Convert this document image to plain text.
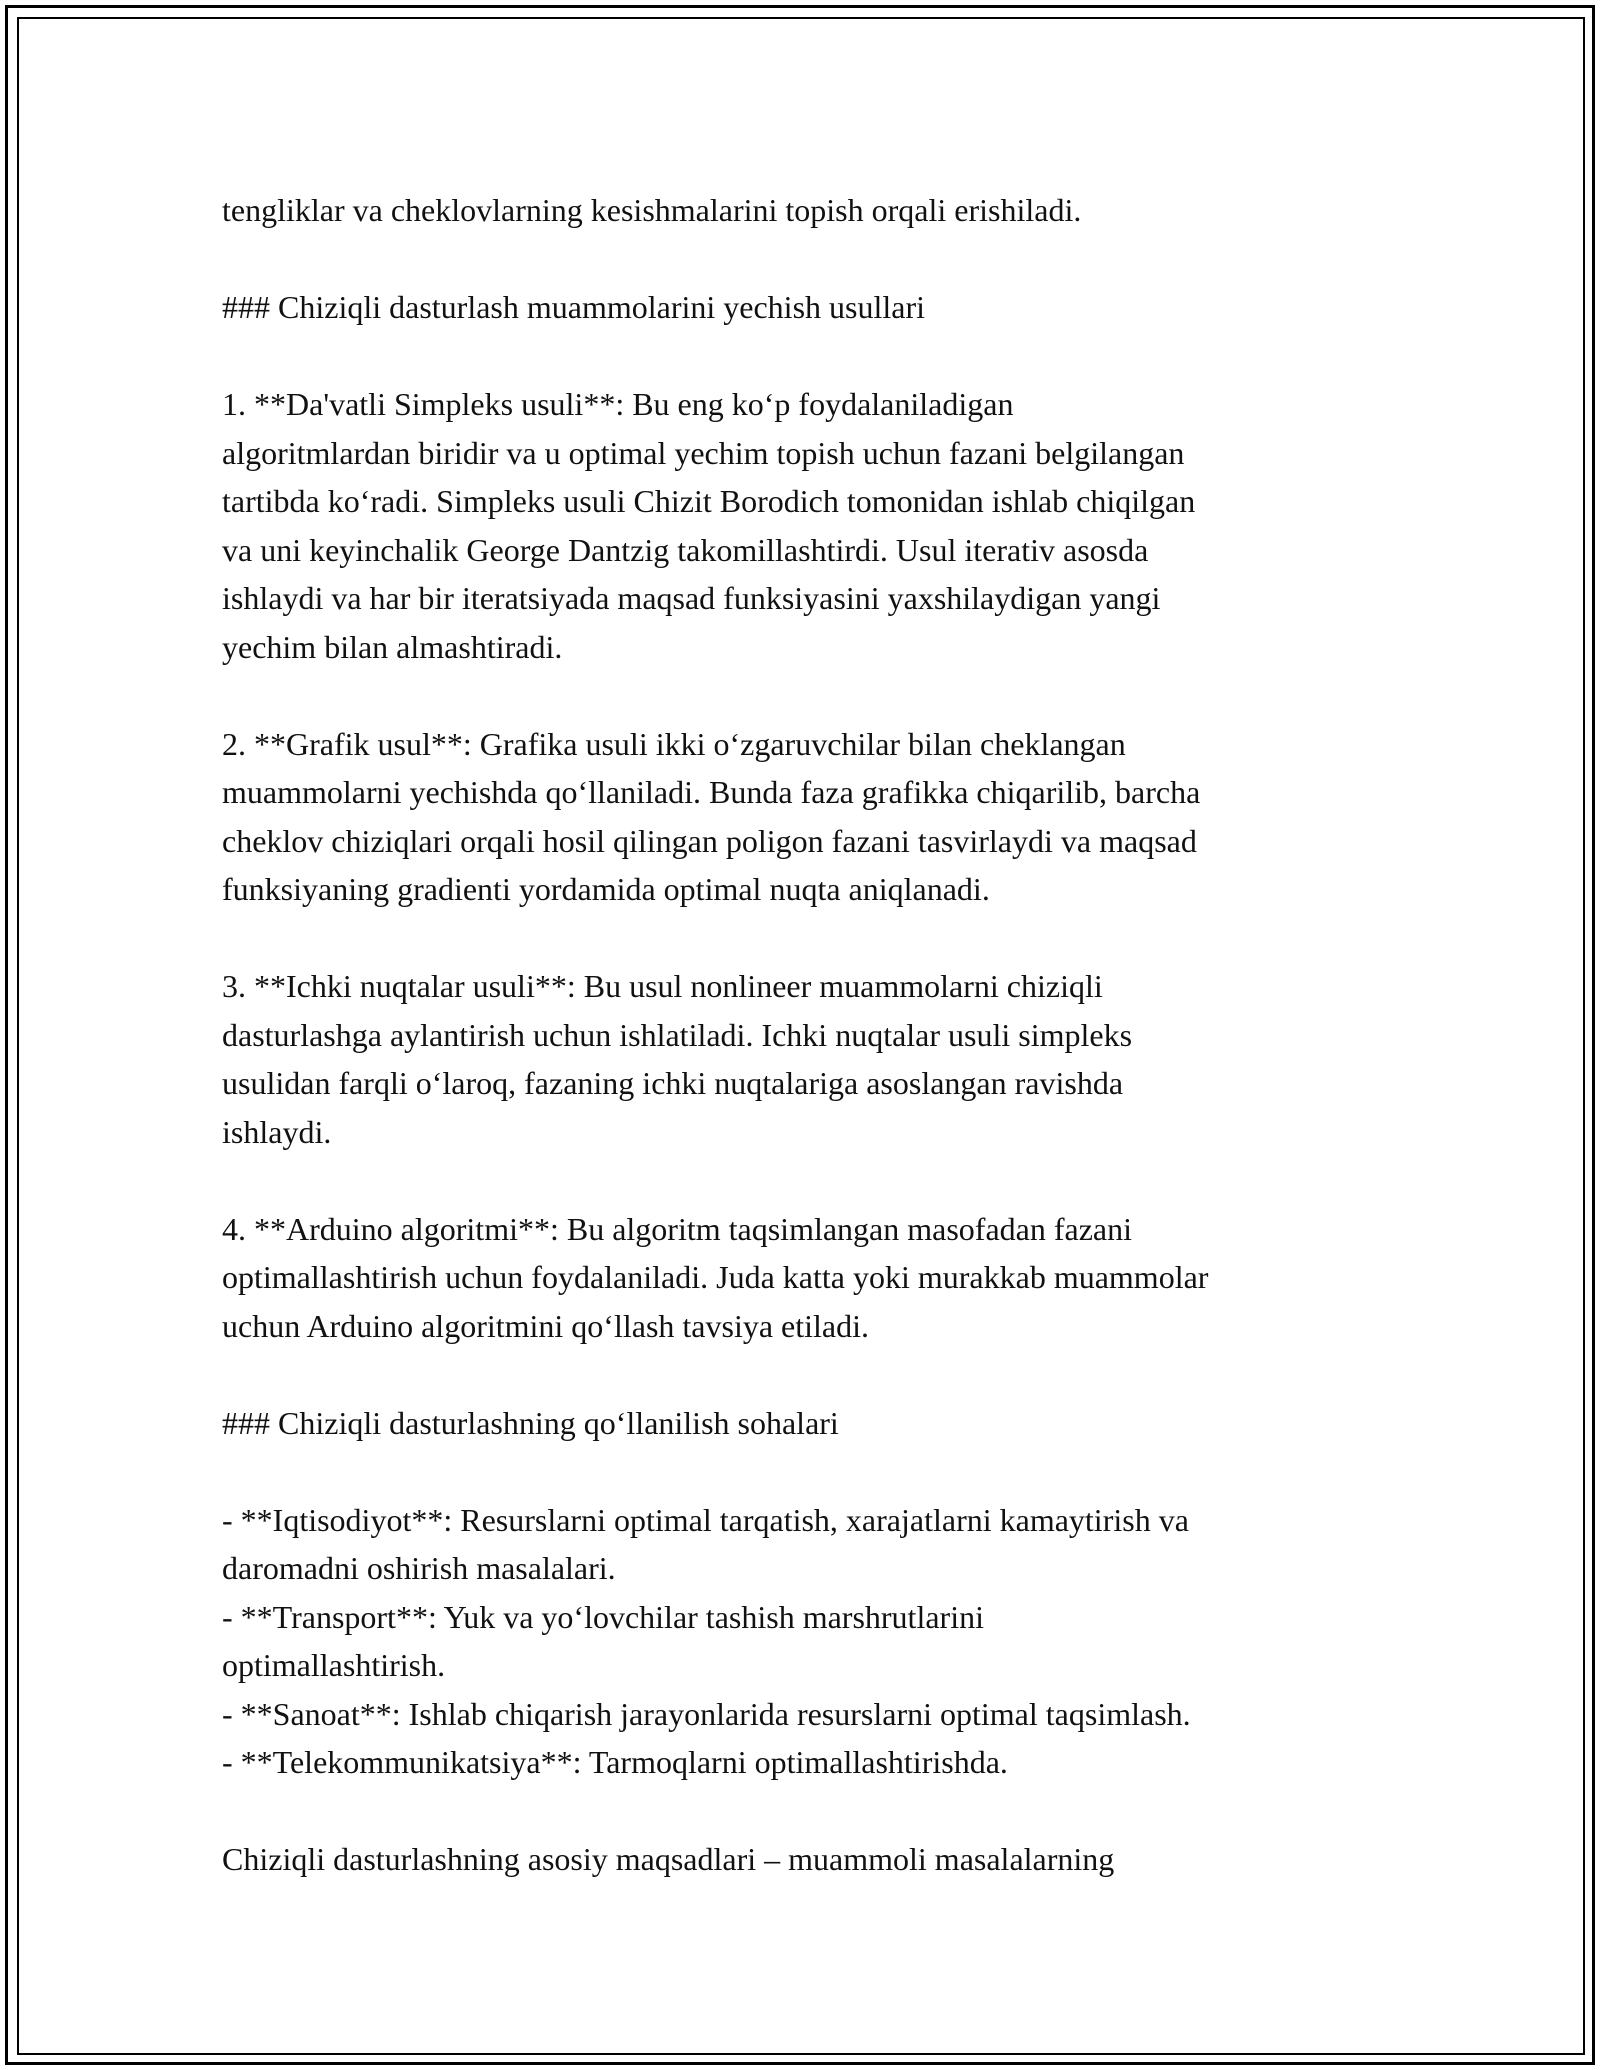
tengliklar va cheklovlarning kesishmalarini topish orqali erishiladi.

### Chiziqli dasturlash muammolarini yechish usullari

1. **Da'vatli Simpleks usuli**: Bu eng ko‘p foydalaniladigan

algoritmlardan biridir va u optimal yechim topish uchun fazani belgilangan

tartibda ko‘radi. Simpleks usuli Chizit Borodich tomonidan ishlab chiqilgan

va uni keyinchalik George Dantzig takomillashtirdi. Usul iterativ asosda

ishlaydi va har bir iteratsiyada maqsad funksiyasini yaxshilaydigan yangi

yechim bilan almashtiradi.

2. **Grafik usul**: Grafika usuli ikki o‘zgaruvchilar bilan cheklangan

muammolarni yechishda qo‘llaniladi. Bunda faza grafikka chiqarilib, barcha

cheklov chiziqlari orqali hosil qilingan poligon fazani tasvirlaydi va maqsad

funksiyaning gradienti yordamida optimal nuqta aniqlanadi.

3. **Ichki nuqtalar usuli**: Bu usul nonlineer muammolarni chiziqli

dasturlashga aylantirish uchun ishlatiladi. Ichki nuqtalar usuli simpleks

usulidan farqli o‘laroq, fazaning ichki nuqtalariga asoslangan ravishda

ishlaydi.

4. **Arduino algoritmi**: Bu algoritm taqsimlangan masofadan fazani

optimallashtirish uchun foydalaniladi. Juda katta yoki murakkab muammolar

uchun Arduino algoritmini qo‘llash tavsiya etiladi.

### Chiziqli dasturlashning qo‘llanilish sohalari

- **Iqtisodiyot**: Resurslarni optimal tarqatish, xarajatlarni kamaytirish va

daromadni oshirish masalalari.

- **Transport**: Yuk va yo‘lovchilar tashish marshrutlarini

optimallashtirish.

- **Sanoat**: Ishlab chiqarish jarayonlarida resurslarni optimal taqsimlash.

- **Telekommunikatsiya**: Tarmoqlarni optimallashtirishda.

Chiziqli dasturlashning asosiy maqsadlari – muammoli masalalarning
